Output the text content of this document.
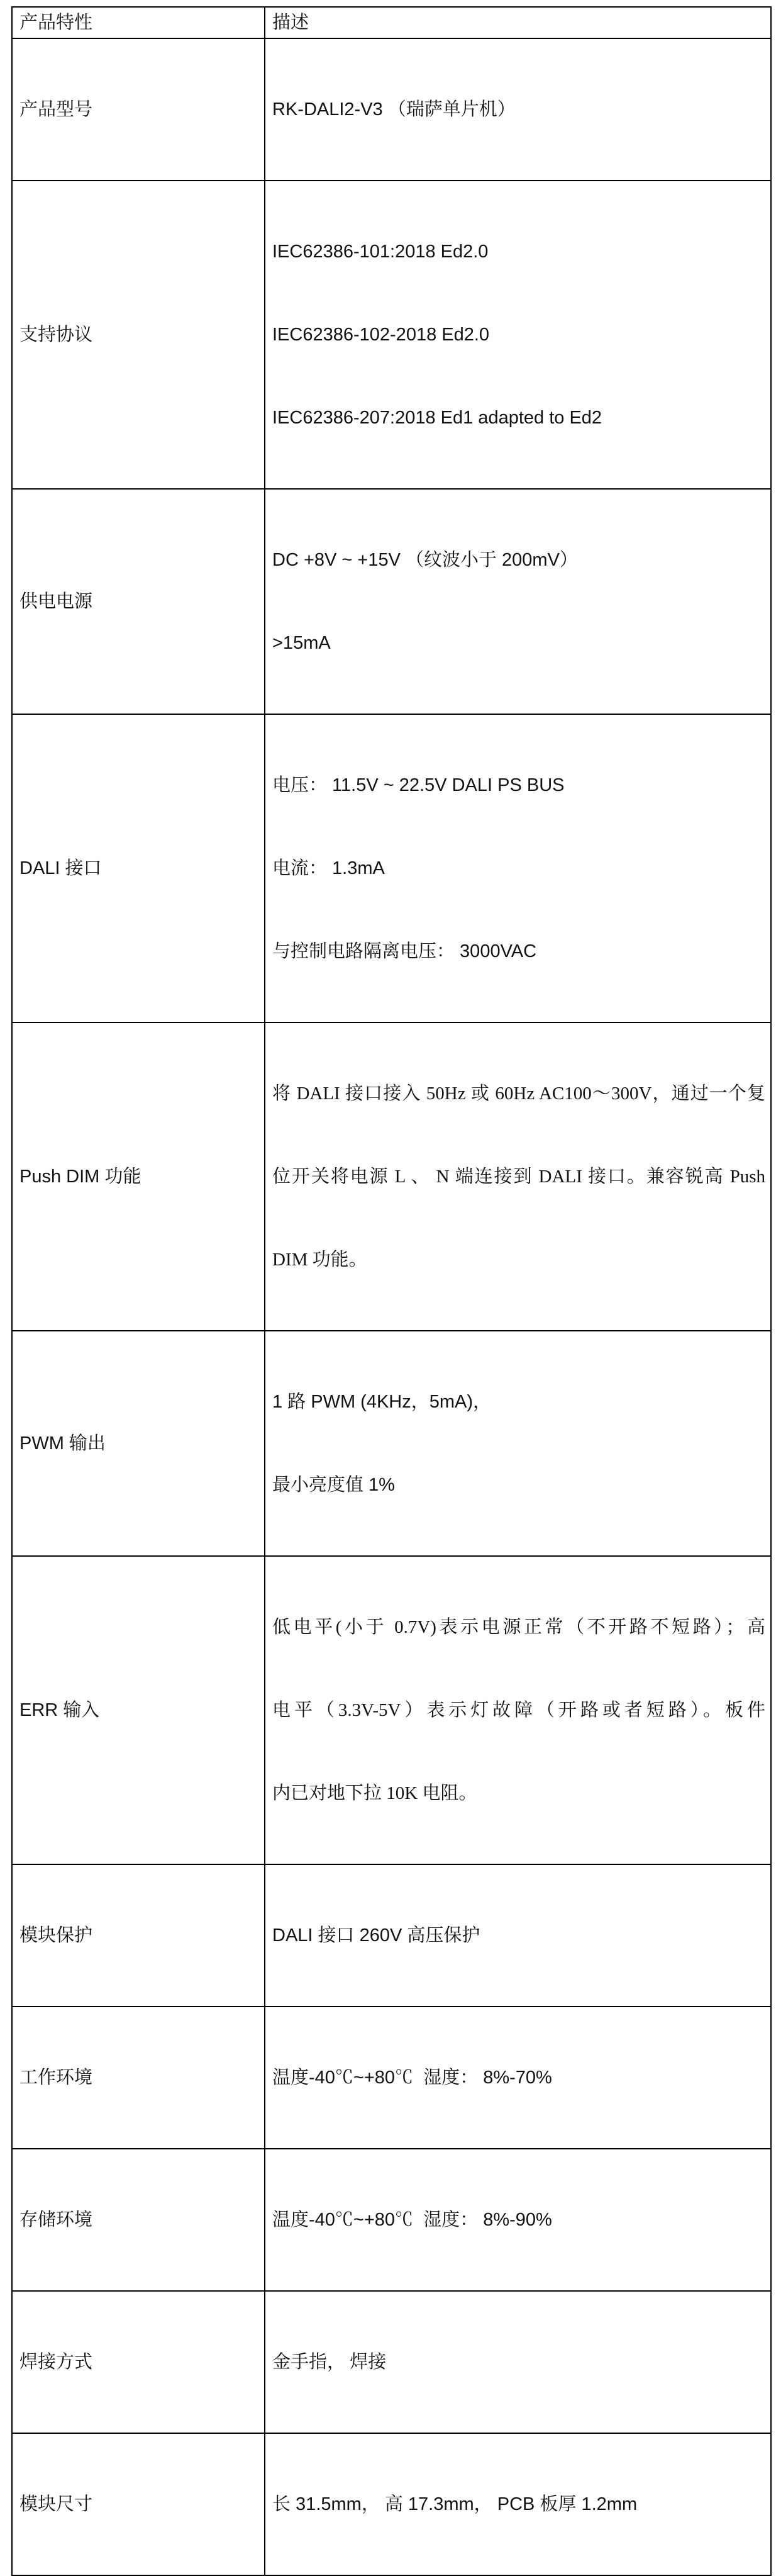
产品特性	描述
产品型号	RK-DALI2-V3 （瑞萨单片机）

支持协议	IEC62386-101:2018 Ed2.0

IEC62386-102-2018 Ed2.0

IEC62386-207:2018 Ed1 adapted to Ed2

供电电源	DC +8V ~ +15V （纹波小于 200mV）

>15mA

DALI 接口	电压： 11.5V ~ 22.5V DALI PS BUS

电流： 1.3mA

与控制电路隔离电压： 3000VAC

Push DIM 功能	将 DALI 接口接入 50Hz 或 60Hz AC100～300V，通过一个复

位开关将电源 L 、 N 端连接到 DALI 接口。兼容锐高 Push

DIM 功能。

PWM 输出	1 路 PWM (4KHz，5mA)，

最小亮度值 1%

ERR 输入	低电平(小于 0.7V)表示电源正常（不开路不短路）；高

电平（3.3V-5V）表示灯故障（开路或者短路）。板件

内已对地下拉 10K 电阻。

模块保护	DALI 接口 260V 高压保护

工作环境	温度-40℃~+80℃  湿度： 8%-70%

存储环境	温度-40℃~+80℃  湿度： 8%-90%

焊接方式	金手指， 焊接

模块尺寸	长 31.5mm， 高 17.3mm， PCB 板厚 1.2mm
